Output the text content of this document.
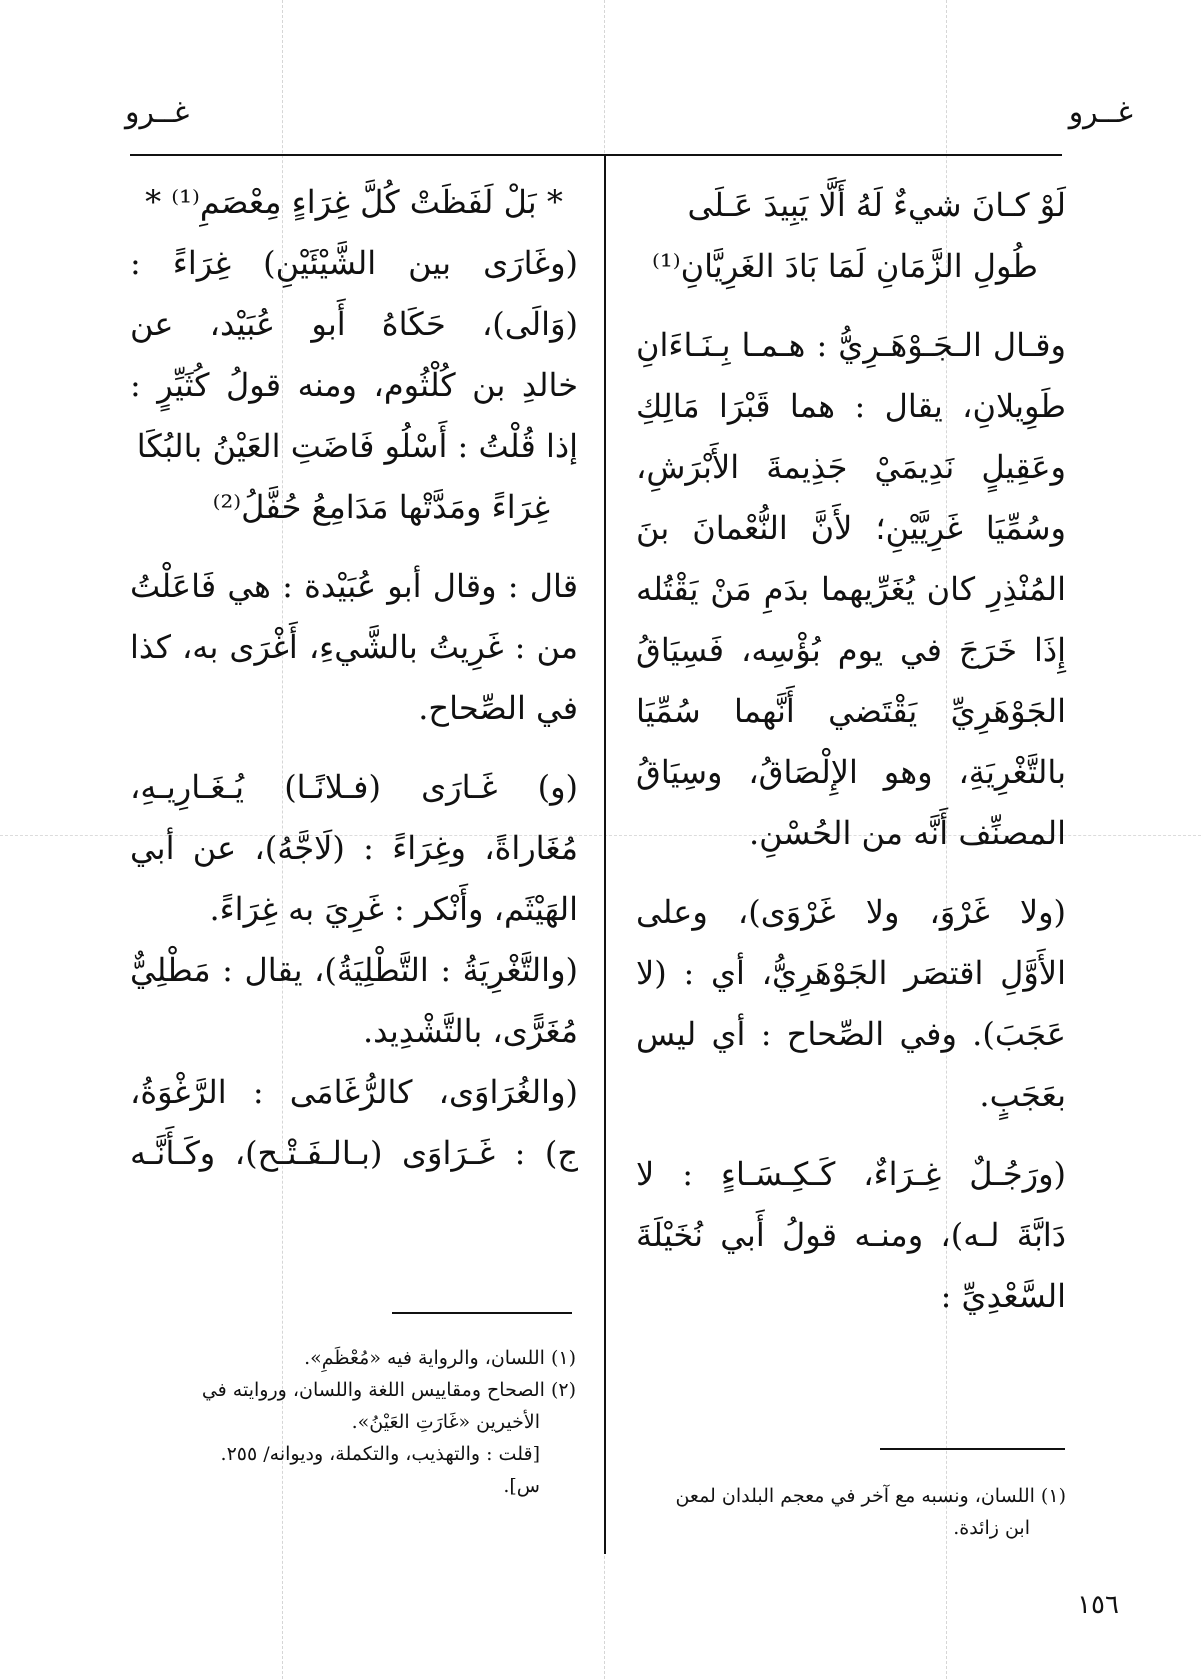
غــرو
غــرو
لَوْ كـانَ شيءٌ لَهُ أَلَّا يَبِيدَ عَـلَى
طُولِ الزَّمَانِ لَمَا بَادَ الغَرِيَّانِ⁽¹⁾
وقـال الـجَـوْهَـرِيُّ : هـمـا بِـنَـاءَانِ
طَوِيلانِ، يقال : هما قَبْرَا مَالِكِ
وعَقِيلٍ نَدِيمَيْ جَذِيمةَ الأَبْرَشِ،
وسُمِّيَا غَرِيَّيْنِ؛ لأَنَّ النُّعْمانَ بنَ
المُنْذِرِ كان يُغَرِّيهما بدَمِ مَنْ يَقْتُله
إِذَا خَرَجَ في يوم بُؤْسِه، فَسِيَاقُ
الجَوْهَرِيِّ يَقْتَضي أَنَّهما سُمِّيَا
بالتَّغْرِيَةِ، وهو الإِلْصَاقُ، وسِيَاقُ
المصنِّف أَنَّه من الحُسْنِ.
(ولا غَرْوَ، ولا غَرْوَى)، وعلى
الأَوَّلِ اقتصَر الجَوْهَرِيُّ، أي : (لا
عَجَبَ). وفي الصِّحاح : أي ليس
بعَجَبٍ.
(ورَجُـلٌ غِـرَاءٌ، كَـكِـسَـاءٍ : لا
دَابَّةَ لـه)، ومنـه قولُ أَبي نُخَيْلَةَ
السَّعْدِيِّ :
* بَلْ لَفَظَتْ كُلَّ غِرَاءٍ مِعْصَمِ⁽¹⁾ *
(وغَارَى بين الشَّيْئَيْنِ) غِرَاءً :
(وَالَى)، حَكَاهُ أَبو عُبَيْد، عن
خالدِ بن كُلْثُوم، ومنه قولُ كُثَيِّرٍ :
إذا قُلْتُ : أَسْلُو فَاضَتِ العَيْنُ بالبُكَا
غِرَاءً ومَدَّتْها مَدَامِعُ حُفَّلُ⁽²⁾
قال : وقال أبو عُبَيْدة : هي فَاعَلْتُ
من : غَرِيتُ بالشَّيءِ، أَغْرَى به، كذا
في الصِّحاح.
(و) غَـارَى (فـلانًـا) يُـغَـارِيـهِ،
مُغَاراةً، وغِرَاءً : (لَاجَّهُ)، عن أبي
الهَيْثَم، وأَنْكر : غَرِيَ به غِرَاءً.
(والتَّغْرِيَةُ : التَّطْلِيَةُ)، يقال : مَطْلِيٌّ
مُغَرًّى، بالتَّشْدِيد.
(والغُرَاوَى، كالرُّغَامَى : الرَّغْوَةُ،
ج) : غَـرَاوَى (بـالـفَـتْـح)، وكَـأَنَّـه
(١) اللسان، ونسبه مع آخر في معجم البلدان لمعن
ابن زائدة.
(١) اللسان، والرواية فيه «مُعْظَمِ».
(٢) الصحاح ومقاييس اللغة واللسان، وروايته في
الأخيرين «غَارَتِ العَيْنُ».
[قلت : والتهذيب، والتكملة، وديوانه/ ٢٥٥.
س].
١٥٦
